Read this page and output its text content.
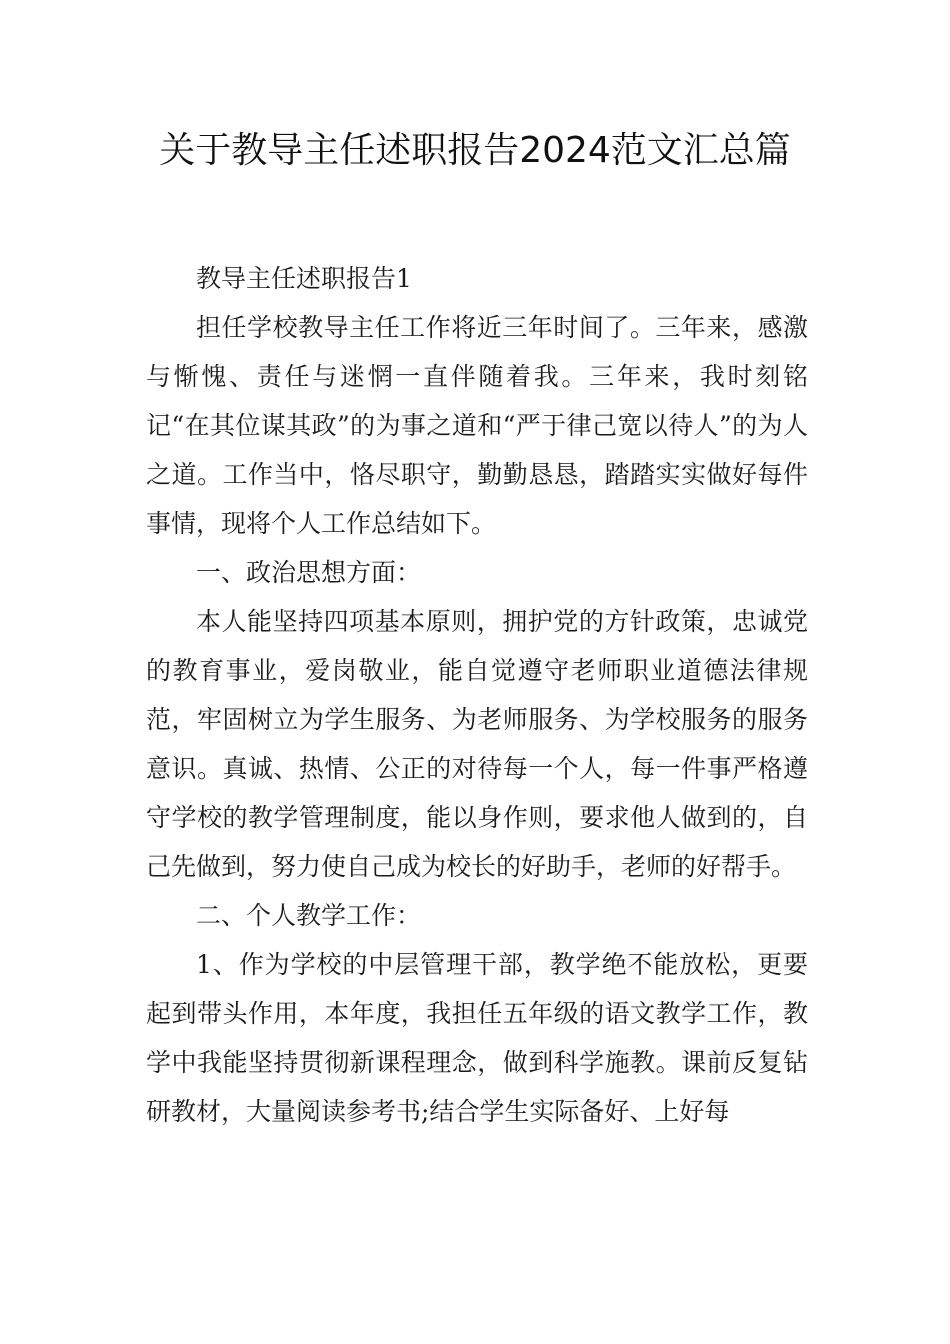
关于教导主任述职报告2024范文汇总篇

教导主任述职报告1

担任学校教导主任工作将近三年时间了。三年来，感激与惭愧、责任与迷惘一直伴随着我。三年来，我时刻铭记“在其位谋其政”的为事之道和“严于律己宽以待人”的为人之道。工作当中，恪尽职守，勤勤恳恳，踏踏实实做好每件事情，现将个人工作总结如下。

一、政治思想方面：

本人能坚持四项基本原则，拥护党的方针政策，忠诚党的教育事业，爱岗敬业，能自觉遵守老师职业道德法律规范，牢固树立为学生服务、为老师服务、为学校服务的服务意识。真诚、热情、公正的对待每一个人，每一件事严格遵守学校的教学管理制度，能以身作则，要求他人做到的，自己先做到，努力使自己成为校长的好助手，老师的好帮手。

二、个人教学工作：

1、作为学校的中层管理干部，教学绝不能放松，更要起到带头作用，本年度，我担任五年级的语文教学工作，教学中我能坚持贯彻新课程理念，做到科学施教。课前反复钻研教材，大量阅读参考书;结合学生实际备好、上好每
